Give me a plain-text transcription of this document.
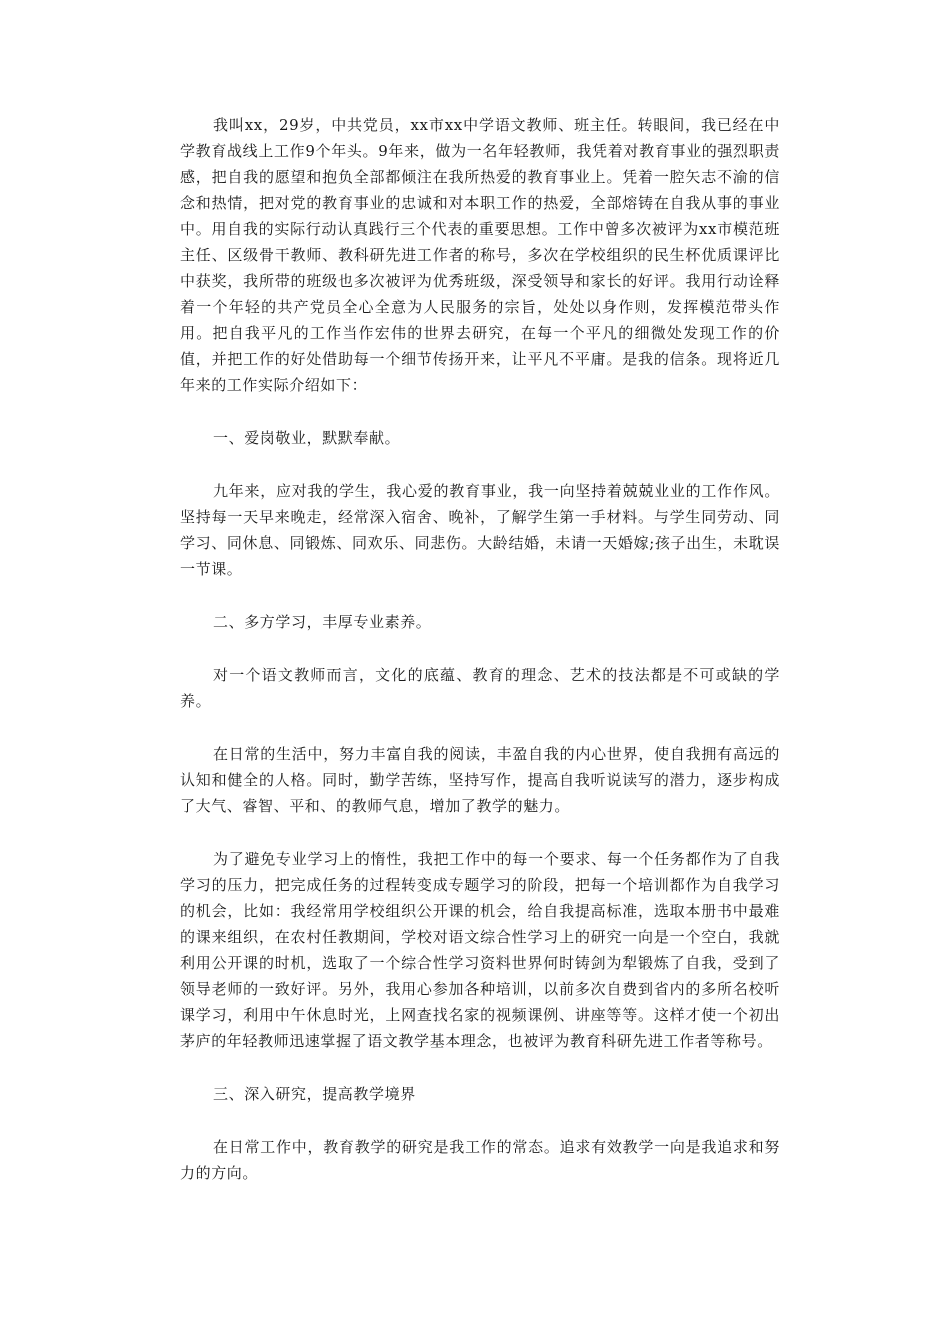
我叫xx，29岁，中共党员，xx市xx中学语文教师、班主任。转眼间，我已经在中学教育战线上工作9个年头。9年来，做为一名年轻教师，我凭着对教育事业的强烈职责感，把自我的愿望和抱负全部都倾注在我所热爱的教育事业上。凭着一腔矢志不渝的信念和热情，把对党的教育事业的忠诚和对本职工作的热爱，全部熔铸在自我从事的事业中。用自我的实际行动认真践行三个代表的重要思想。工作中曾多次被评为xx市模范班主任、区级骨干教师、教科研先进工作者的称号，多次在学校组织的民生杯优质课评比中获奖，我所带的班级也多次被评为优秀班级，深受领导和家长的好评。我用行动诠释着一个年轻的共产党员全心全意为人民服务的宗旨，处处以身作则，发挥模范带头作用。把自我平凡的工作当作宏伟的世界去研究，在每一个平凡的细微处发现工作的价值，并把工作的好处借助每一个细节传扬开来，让平凡不平庸。是我的信条。现将近几年来的工作实际介绍如下：

一、爱岗敬业，默默奉献。

九年来，应对我的学生，我心爱的教育事业，我一向坚持着兢兢业业的工作作风。坚持每一天早来晚走，经常深入宿舍、晚补，了解学生第一手材料。与学生同劳动、同学习、同休息、同锻炼、同欢乐、同悲伤。大龄结婚，未请一天婚嫁;孩子出生，未耽误一节课。

二、多方学习，丰厚专业素养。

对一个语文教师而言，文化的底蕴、教育的理念、艺术的技法都是不可或缺的学养。

在日常的生活中，努力丰富自我的阅读，丰盈自我的内心世界，使自我拥有高远的认知和健全的人格。同时，勤学苦练，坚持写作，提高自我听说读写的潜力，逐步构成了大气、睿智、平和、的教师气息，增加了教学的魅力。

为了避免专业学习上的惰性，我把工作中的每一个要求、每一个任务都作为了自我学习的压力，把完成任务的过程转变成专题学习的阶段，把每一个培训都作为自我学习的机会，比如：我经常用学校组织公开课的机会，给自我提高标准，选取本册书中最难的课来组织，在农村任教期间，学校对语文综合性学习上的研究一向是一个空白，我就利用公开课的时机，选取了一个综合性学习资料世界何时铸剑为犁锻炼了自我，受到了领导老师的一致好评。另外，我用心参加各种培训，以前多次自费到省内的多所名校听课学习，利用中午休息时光，上网查找名家的视频课例、讲座等等。这样才使一个初出茅庐的年轻教师迅速掌握了语文教学基本理念，也被评为教育科研先进工作者等称号。

三、深入研究，提高教学境界

在日常工作中，教育教学的研究是我工作的常态。追求有效教学一向是我追求和努力的方向。
